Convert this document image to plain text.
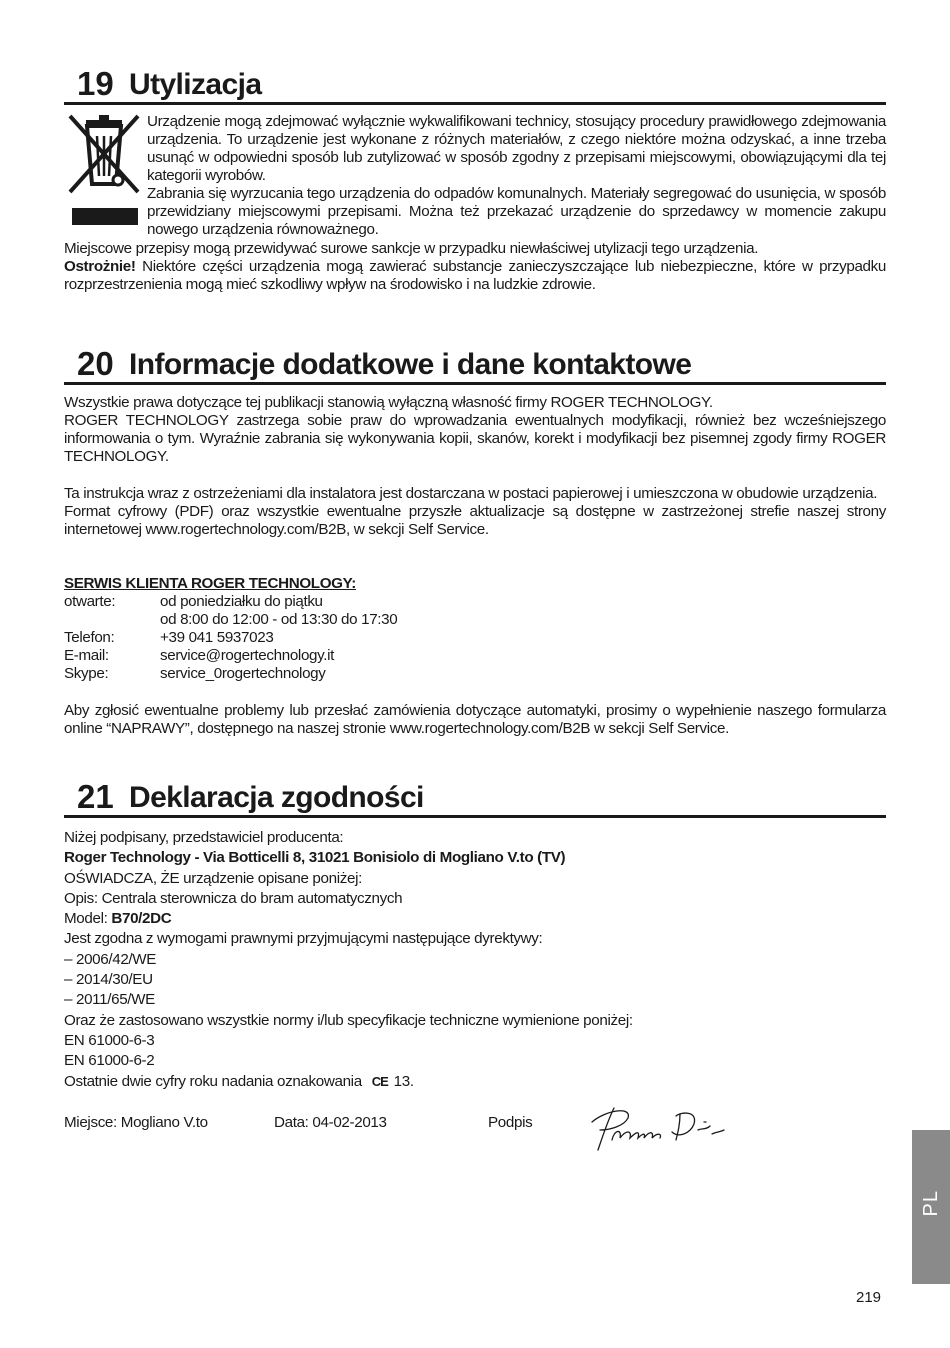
19 Utylizacja

Urządzenie mogą zdejmować wyłącznie wykwalifikowani technicy, stosujący procedury prawidłowego zdejmowania urządzenia. To urządzenie jest wykonane z różnych materiałów, z czego niektóre można odzyskać, a inne trzeba usunąć w odpowiedni sposób lub zutylizować w sposób zgodny z przepisami miejscowymi, obowiązującymi dla tej kategorii wyrobów.

Zabrania się wyrzucania tego urządzenia do odpadów komunalnych. Materiały segregować do usunięcia, w sposób przewidziany miejscowymi przepisami. Można też przekazać urządzenie do sprzedawcy w momencie zakupu nowego urządzenia równoważnego.

Miejscowe przepisy mogą przewidywać surowe sankcje w przypadku niewłaściwej utylizacji tego urządzenia.

Ostrożnie! Niektóre części urządzenia mogą zawierać substancje zanieczyszczające lub niebezpieczne, które w przypadku rozprzestrzenienia mogą mieć szkodliwy wpływ na środowisko i na ludzkie zdrowie.

20 Informacje dodatkowe i dane kontaktowe

Wszystkie prawa dotyczące tej publikacji stanowią wyłączną własność firmy ROGER TECHNOLOGY.

ROGER TECHNOLOGY zastrzega sobie praw do wprowadzania ewentualnych modyfikacji, również bez wcześniejszego informowania o tym. Wyraźnie zabrania się wykonywania kopii, skanów, korekt i modyfikacji bez pisemnej zgody firmy ROGER TECHNOLOGY.

Ta instrukcja wraz z ostrzeżeniami dla instalatora jest dostarczana w postaci papierowej i umieszczona w obudowie urządzenia.

Format cyfrowy (PDF) oraz wszystkie ewentualne przyszłe aktualizacje są dostępne w zastrzeżonej strefie naszej strony internetowej www.rogertechnology.com/B2B, w sekcji Self Service.

SERWIS KLIENTA ROGER TECHNOLOGY:

otwarte:	od poniedziałku do piątku
od 8:00 do 12:00 - od 13:30 do 17:30
Telefon:	+39 041 5937023
E-mail:	service@rogertechnology.it
Skype:	service_0rogertechnology

Aby zgłosić ewentualne problemy lub przesłać zamówienia dotyczące automatyki, prosimy o wypełnienie naszego formularza online “NAPRAWY”, dostępnego na naszej stronie www.rogertechnology.com/B2B w sekcji Self Service.

21 Deklaracja zgodności

Niżej podpisany, przedstawiciel producenta:

Roger Technology - Via Botticelli 8, 31021 Bonisiolo di Mogliano V.to (TV)

OŚWIADCZA, ŻE urządzenie opisane poniżej:

Opis: Centrala sterownicza do bram automatycznych

Model: B70/2DC

Jest zgodna z wymogami prawnymi przyjmującymi następujące dyrektywy:

– 2006/42/WE

– 2014/30/EU

– 2011/65/WE

Oraz że zastosowano wszystkie normy i/lub specyfikacje techniczne wymienione poniżej:

EN 61000-6-3

EN 61000-6-2

Ostatnie dwie cyfry roku nadania oznakowania CE 13.

Miejsce: Mogliano V.to	Data: 04-02-2013	Podpis
PL
219
